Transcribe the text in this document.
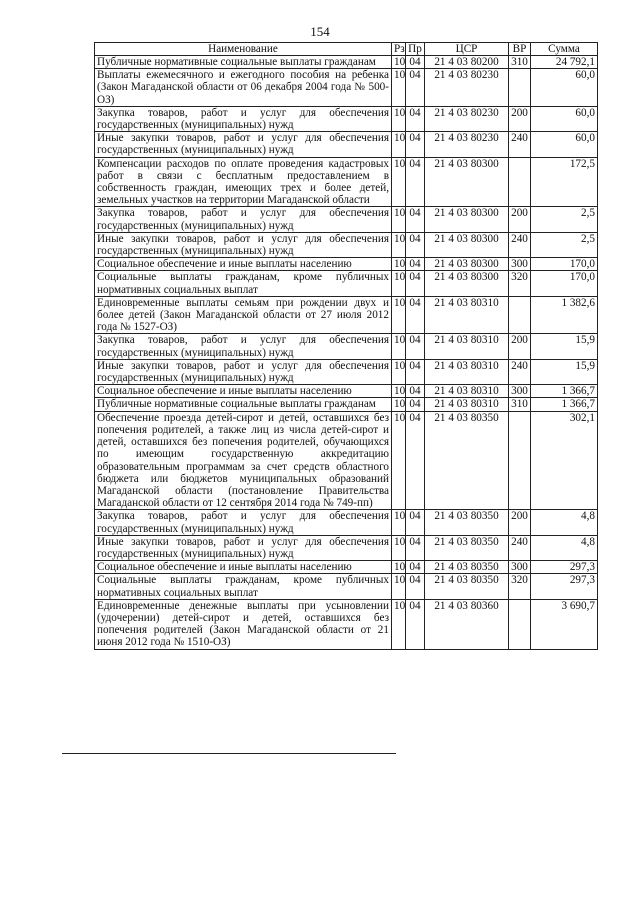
154
Наименование	Рз	Пр	ЦСР	ВР	Сумма
Публичные нормативные социальные выплаты гражданам	10	04	21 4 03 80200	310	24 792,1
Выплаты ежемесячного и ежегодного пособия на ребенка (Закон Магаданской области от 06 декабря 2004 года № 500-ОЗ)	10	04	21 4 03 80230		60,0
Закупка товаров, работ и услуг для обеспечения государственных (муниципальных) нужд	10	04	21 4 03 80230	200	60,0
Иные закупки товаров, работ и услуг для обеспечения государственных (муниципальных) нужд	10	04	21 4 03 80230	240	60,0
Компенсации расходов по оплате проведения кадастровых работ в связи с бесплатным предоставлением в собственность граждан, имеющих трех и более детей, земельных участков на территории Магаданской области	10	04	21 4 03 80300		172,5
Закупка товаров, работ и услуг для обеспечения государственных (муниципальных) нужд	10	04	21 4 03 80300	200	2,5
Иные закупки товаров, работ и услуг для обеспечения государственных (муниципальных) нужд	10	04	21 4 03 80300	240	2,5
Социальное обеспечение и иные выплаты населению	10	04	21 4 03 80300	300	170,0
Социальные выплаты гражданам, кроме публичных нормативных социальных выплат	10	04	21 4 03 80300	320	170,0
Единовременные выплаты семьям при рождении двух и более детей (Закон Магаданской области от 27 июля 2012 года № 1527-ОЗ)	10	04	21 4 03 80310		1 382,6
Закупка товаров, работ и услуг для обеспечения государственных (муниципальных) нужд	10	04	21 4 03 80310	200	15,9
Иные закупки товаров, работ и услуг для обеспечения государственных (муниципальных) нужд	10	04	21 4 03 80310	240	15,9
Социальное обеспечение и иные выплаты населению	10	04	21 4 03 80310	300	1 366,7
Публичные нормативные социальные выплаты гражданам	10	04	21 4 03 80310	310	1 366,7
Обеспечение проезда детей-сирот и детей, оставшихся без попечения родителей, а также лиц из числа детей-сирот и детей, оставшихся без попечения родителей, обучающихся по имеющим государственную аккредитацию образовательным программам за счет средств областного бюджета или бюджетов муниципальных образований Магаданской области (постановление Правительства Магаданской области от 12 сентября 2014 года № 749-пп)	10	04	21 4 03 80350		302,1
Закупка товаров, работ и услуг для обеспечения государственных (муниципальных) нужд	10	04	21 4 03 80350	200	4,8
Иные закупки товаров, работ и услуг для обеспечения государственных (муниципальных) нужд	10	04	21 4 03 80350	240	4,8
Социальное обеспечение и иные выплаты населению	10	04	21 4 03 80350	300	297,3
Социальные выплаты гражданам, кроме публичных нормативных социальных выплат	10	04	21 4 03 80350	320	297,3
Единовременные денежные выплаты при усыновлении (удочерении) детей-сирот и детей, оставшихся без попечения родителей (Закон Магаданской области от 21 июня 2012 года № 1510-ОЗ)	10	04	21 4 03 80360		3 690,7
